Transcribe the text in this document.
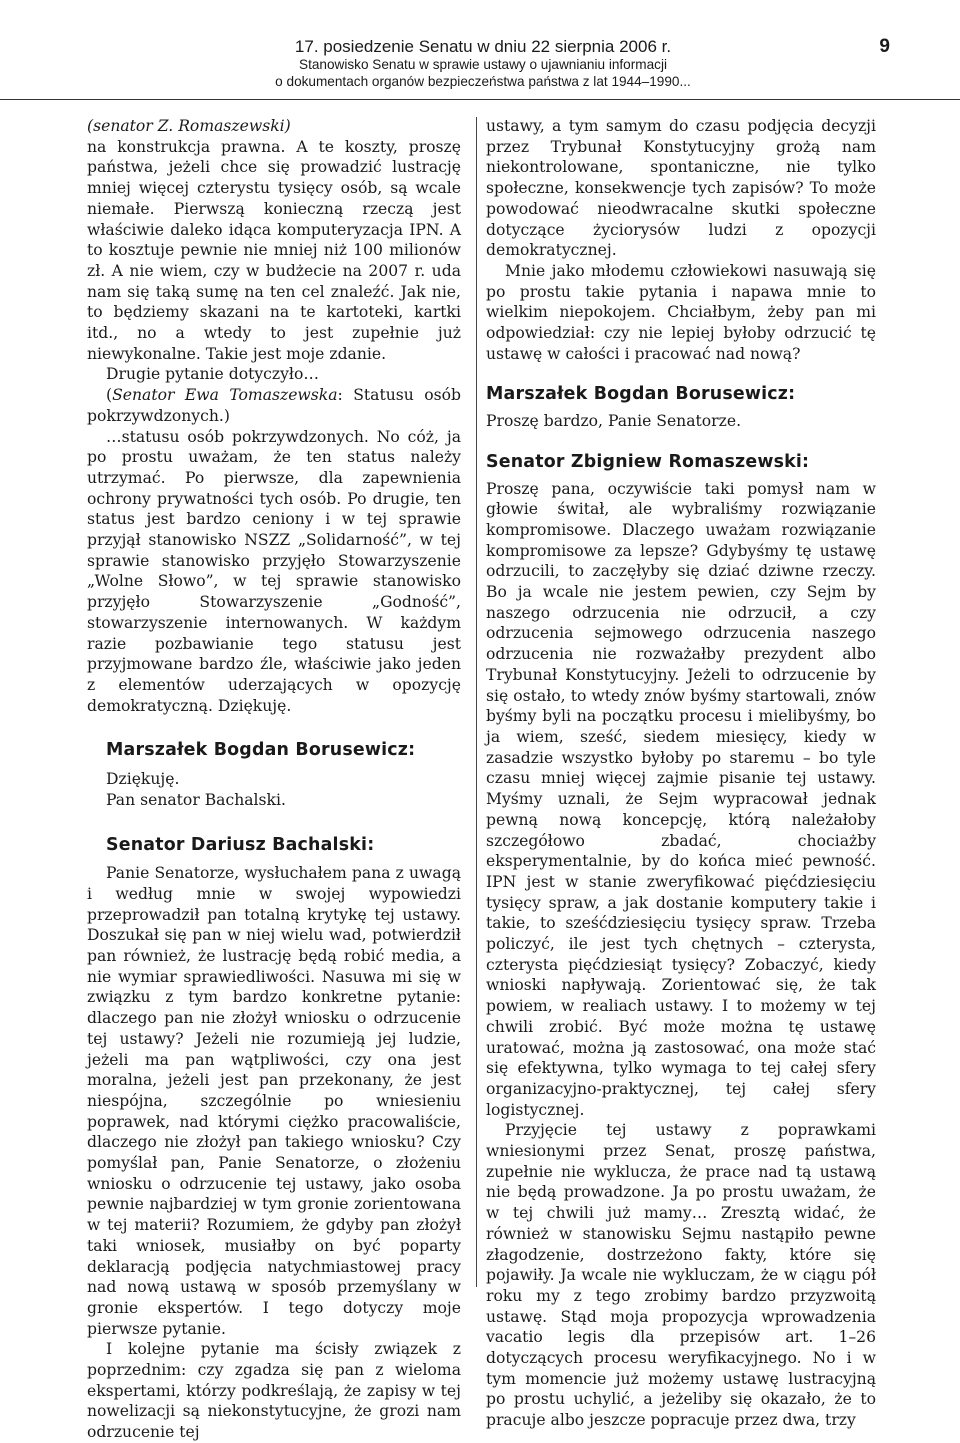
17. posiedzenie Senatu w dniu 22 sierpnia 2006 r.
Stanowisko Senatu w sprawie ustawy o ujawnianiu informacji
o dokumentach organów bezpieczeństwa państwa z lat 1944–1990...
9

(senator Z. Romaszewski)

na konstrukcja prawna. A te koszty, proszę państwa, jeżeli chce się prowadzić lustrację mniej więcej czterystu tysięcy osób, są wcale niemałe. Pierwszą konieczną rzeczą jest właściwie daleko idąca komputeryzacja IPN. A to kosztuje pewnie nie mniej niż 100 milionów zł. A nie wiem, czy w budżecie na 2007 r. uda nam się taką sumę na ten cel znaleźć. Jak nie, to będziemy skazani na te kartoteki, kartki itd., no a wtedy to jest zupełnie już niewykonalne. Takie jest moje zdanie.

Drugie pytanie dotyczyło…

(Senator Ewa Tomaszewska: Statusu osób pokrzywdzonych.)

…statusu osób pokrzywdzonych. No cóż, ja po prostu uważam, że ten status należy utrzymać. Po pierwsze, dla zapewnienia ochrony prywatności tych osób. Po drugie, ten status jest bardzo ceniony i w tej sprawie przyjął stanowisko NSZZ „Solidarność”, w tej sprawie stanowisko przyjęło Stowarzyszenie „Wolne Słowo”, w tej sprawie stanowisko przyjęło Stowarzyszenie „Godność”, stowarzyszenie internowanych. W każdym razie pozbawianie tego statusu jest przyjmowane bardzo źle, właściwie jako jeden z elementów uderzających w opozycję demokratyczną. Dziękuję.

Marszałek Bogdan Borusewicz:

Dziękuję.

Pan senator Bachalski.

Senator Dariusz Bachalski:

Panie Senatorze, wysłuchałem pana z uwagą i według mnie w swojej wypowiedzi przeprowadził pan totalną krytykę tej ustawy. Doszukał się pan w niej wielu wad, potwierdził pan również, że lustrację będą robić media, a nie wymiar sprawiedliwości. Nasuwa mi się w związku z tym bardzo konkretne pytanie: dlaczego pan nie złożył wniosku o odrzucenie tej ustawy? Jeżeli nie rozumieją jej ludzie, jeżeli ma pan wątpliwości, czy ona jest moralna, jeżeli jest pan przekonany, że jest niespójna, szczególnie po wniesieniu poprawek, nad którymi ciężko pracowaliście, dlaczego nie złożył pan takiego wniosku? Czy pomyślał pan, Panie Senatorze, o złożeniu wniosku o odrzucenie tej ustawy, jako osoba pewnie najbardziej w tym gronie zorientowana w tej materii? Rozumiem, że gdyby pan złożył taki wniosek, musiałby on być poparty deklaracją podjęcia natychmiastowej pracy nad nową ustawą w sposób przemyślany w gronie ekspertów. I tego dotyczy moje pierwsze pytanie.

I kolejne pytanie ma ścisły związek z poprzednim: czy zgadza się pan z wieloma ekspertami, którzy podkreślają, że zapisy w tej nowelizacji są niekonstytucyjne, że grozi nam odrzucenie tej

ustawy, a tym samym do czasu podjęcia decyzji przez Trybunał Konstytucyjny grożą nam niekontrolowane, spontaniczne, nie tylko społeczne, konsekwencje tych zapisów? To może powodować nieodwracalne skutki społeczne dotyczące życiorysów ludzi z opozycji demokratycznej.

Mnie jako młodemu człowiekowi nasuwają się po prostu takie pytania i napawa mnie to wielkim niepokojem. Chciałbym, żeby pan mi odpowiedział: czy nie lepiej byłoby odrzucić tę ustawę w całości i pracować nad nową?

Marszałek Bogdan Borusewicz:

Proszę bardzo, Panie Senatorze.

Senator Zbigniew Romaszewski:

Proszę pana, oczywiście taki pomysł nam w głowie świtał, ale wybraliśmy rozwiązanie kompromisowe. Dlaczego uważam rozwiązanie kompromisowe za lepsze? Gdybyśmy tę ustawę odrzucili, to zaczęłyby się dziać dziwne rzeczy. Bo ja wcale nie jestem pewien, czy Sejm by naszego odrzucenia nie odrzucił, a czy odrzucenia sejmowego odrzucenia naszego odrzucenia nie rozważałby prezydent albo Trybunał Konstytucyjny. Jeżeli to odrzucenie by się ostało, to wtedy znów byśmy startowali, znów byśmy byli na początku procesu i mielibyśmy, bo ja wiem, sześć, siedem miesięcy, kiedy w zasadzie wszystko byłoby po staremu – bo tyle czasu mniej więcej zajmie pisanie tej ustawy. Myśmy uznali, że Sejm wypracował jednak pewną nową koncepcję, którą należałoby szczegółowo zbadać, chociażby eksperymentalnie, by do końca mieć pewność. IPN jest w stanie zweryfikować pięćdziesięciu tysięcy spraw, a jak dostanie komputery takie i takie, to sześćdziesięciu tysięcy spraw. Trzeba policzyć, ile jest tych chętnych – czterysta, czterysta pięćdziesiąt tysięcy? Zobaczyć, kiedy wnioski napływają. Zorientować się, że tak powiem, w realiach ustawy. I to możemy w tej chwili zrobić. Być może można tę ustawę uratować, można ją zastosować, ona może stać się efektywna, tylko wymaga to tej całej sfery organizacyjno-praktycznej, tej całej sfery logistycznej.

Przyjęcie tej ustawy z poprawkami wniesionymi przez Senat, proszę państwa, zupełnie nie wyklucza, że prace nad tą ustawą nie będą prowadzone. Ja po prostu uważam, że w tej chwili już mamy… Zresztą widać, że również w stanowisku Sejmu nastąpiło pewne złagodzenie, dostrzeżono fakty, które się pojawiły. Ja wcale nie wykluczam, że w ciągu pół roku my z tego zrobimy bardzo przyzwoitą ustawę. Stąd moja propozycja wprowadzenia vacatio legis dla przepisów art. 1–26 dotyczących procesu weryfikacyjnego. No i w tym momencie już możemy ustawę lustracyjną po prostu uchylić, a jeżeliby się okazało, że to pracuje albo jeszcze popracuje przez dwa, trzy
